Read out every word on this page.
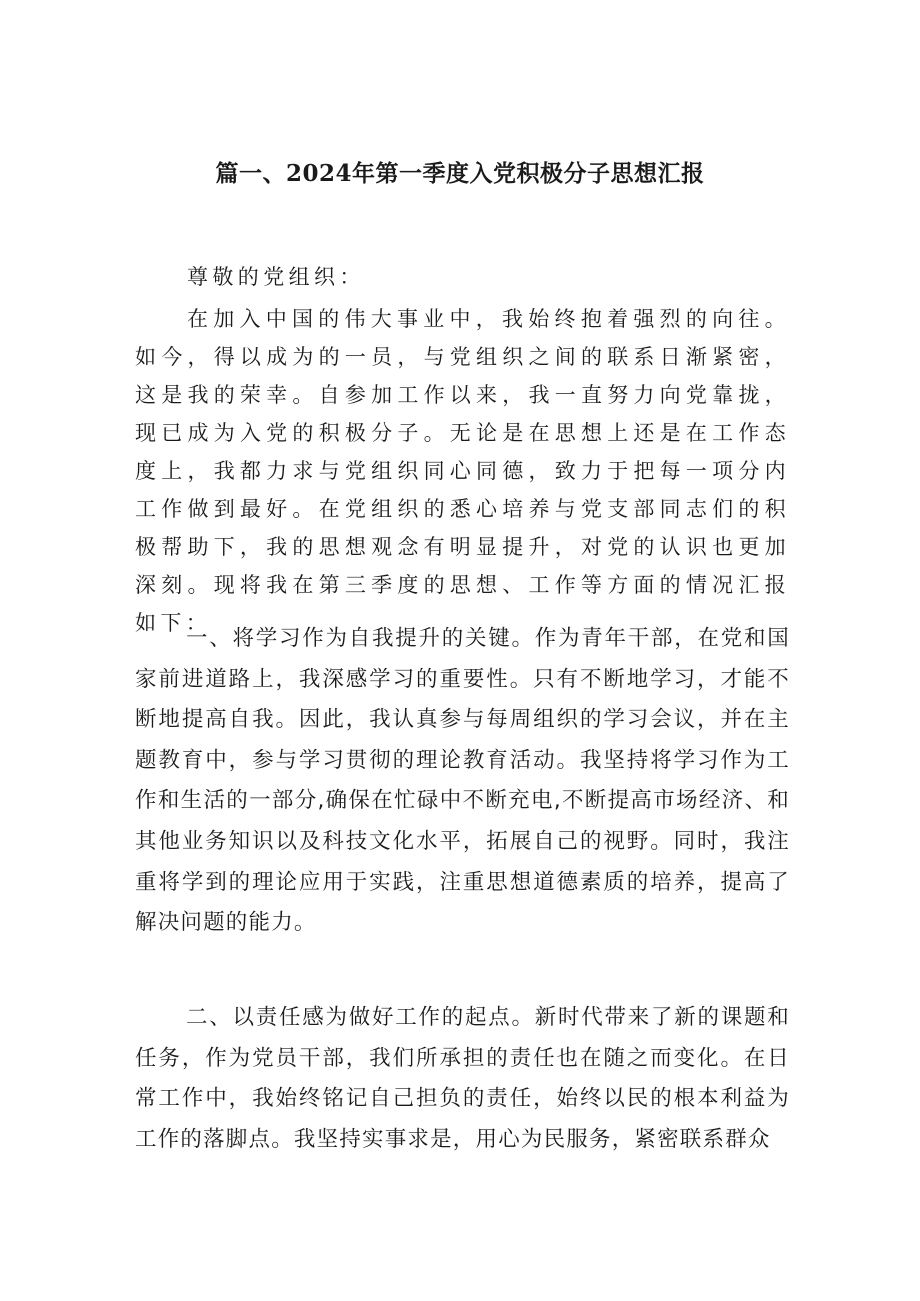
篇一、2024年第一季度入党积极分子思想汇报

尊敬的党组织：

在加入中国的伟大事业中，我始终抱着强烈的向往。如今，得以成为的一员，与党组织之间的联系日渐紧密，这是我的荣幸。自参加工作以来，我一直努力向党靠拢，现已成为入党的积极分子。无论是在思想上还是在工作态度上，我都力求与党组织同心同德，致力于把每一项分内工作做到最好。在党组织的悉心培养与党支部同志们的积极帮助下，我的思想观念有明显提升，对党的认识也更加深刻。现将我在第三季度的思想、工作等方面的情况汇报如下：

一、将学习作为自我提升的关键。作为青年干部，在党和国家前进道路上，我深感学习的重要性。只有不断地学习，才能不断地提高自我。因此，我认真参与每周组织的学习会议，并在主题教育中，参与学习贯彻的理论教育活动。我坚持将学习作为工作和生活的一部分,确保在忙碌中不断充电,不断提高市场经济、和其他业务知识以及科技文化水平，拓展自己的视野。同时，我注重将学到的理论应用于实践，注重思想道德素质的培养，提高了解决问题的能力。

二、以责任感为做好工作的起点。新时代带来了新的课题和任务，作为党员干部，我们所承担的责任也在随之而变化。在日常工作中，我始终铭记自己担负的责任，始终以民的根本利益为工作的落脚点。我坚持实事求是，用心为民服务，紧密联系群众
